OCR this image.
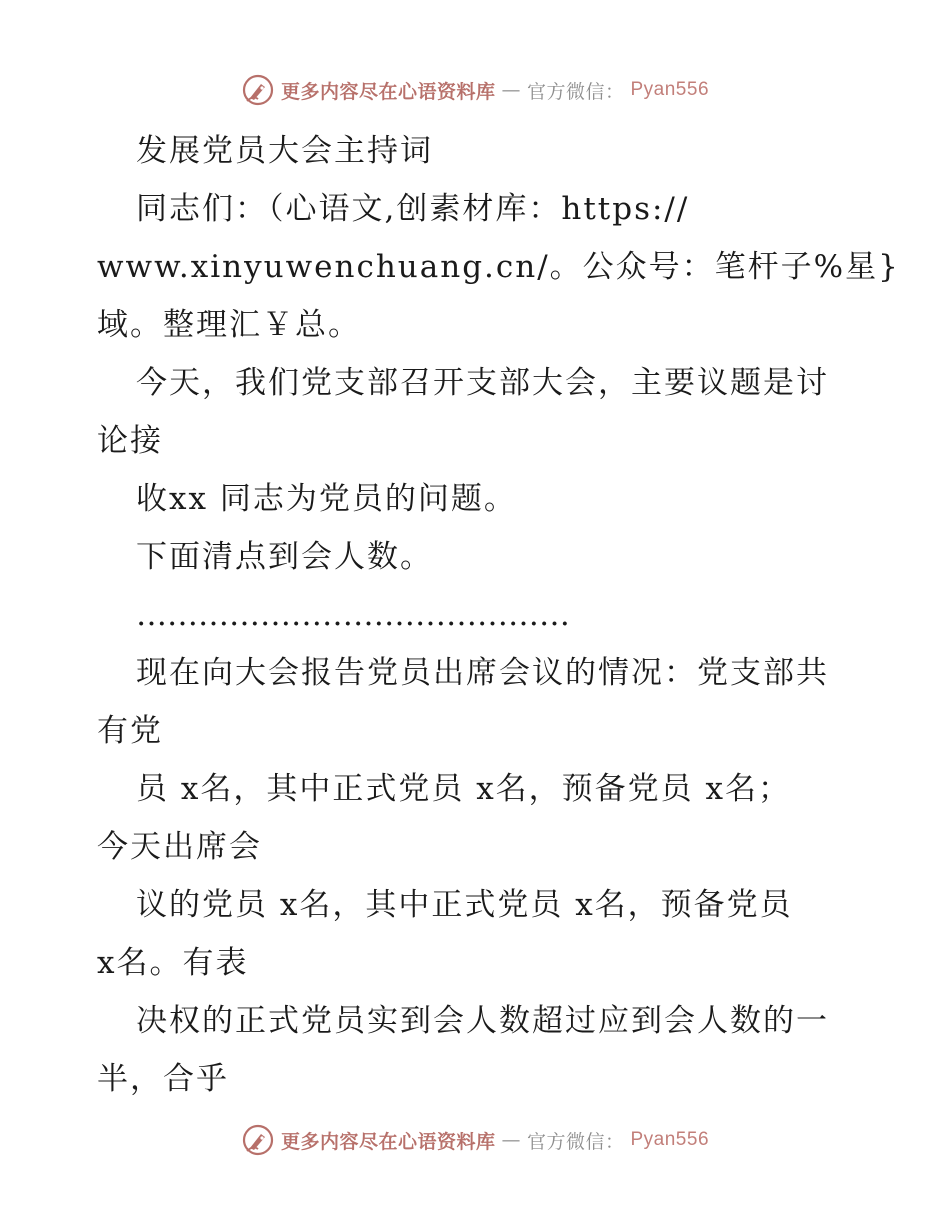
更多内容尽在心语资料库 — 官方微信： Pyan556
发展党员大会主持词
同志们：（心语文,创素材库：https://
www.xinyuwenchuang.cn/。公众号：笔杆子%星}
域。整理汇￥总。
今天，我们党支部召开支部大会，主要议题是讨
论接
收xx 同志为党员的问题。
下面清点到会人数。
……………………………………
现在向大会报告党员出席会议的情况：党支部共
有党
员 x名，其中正式党员 x名，预备党员 x名；
今天出席会
议的党员 x名，其中正式党员 x名，预备党员
x名。有表
决权的正式党员实到会人数超过应到会人数的一
半，合乎
更多内容尽在心语资料库 — 官方微信： Pyan556
